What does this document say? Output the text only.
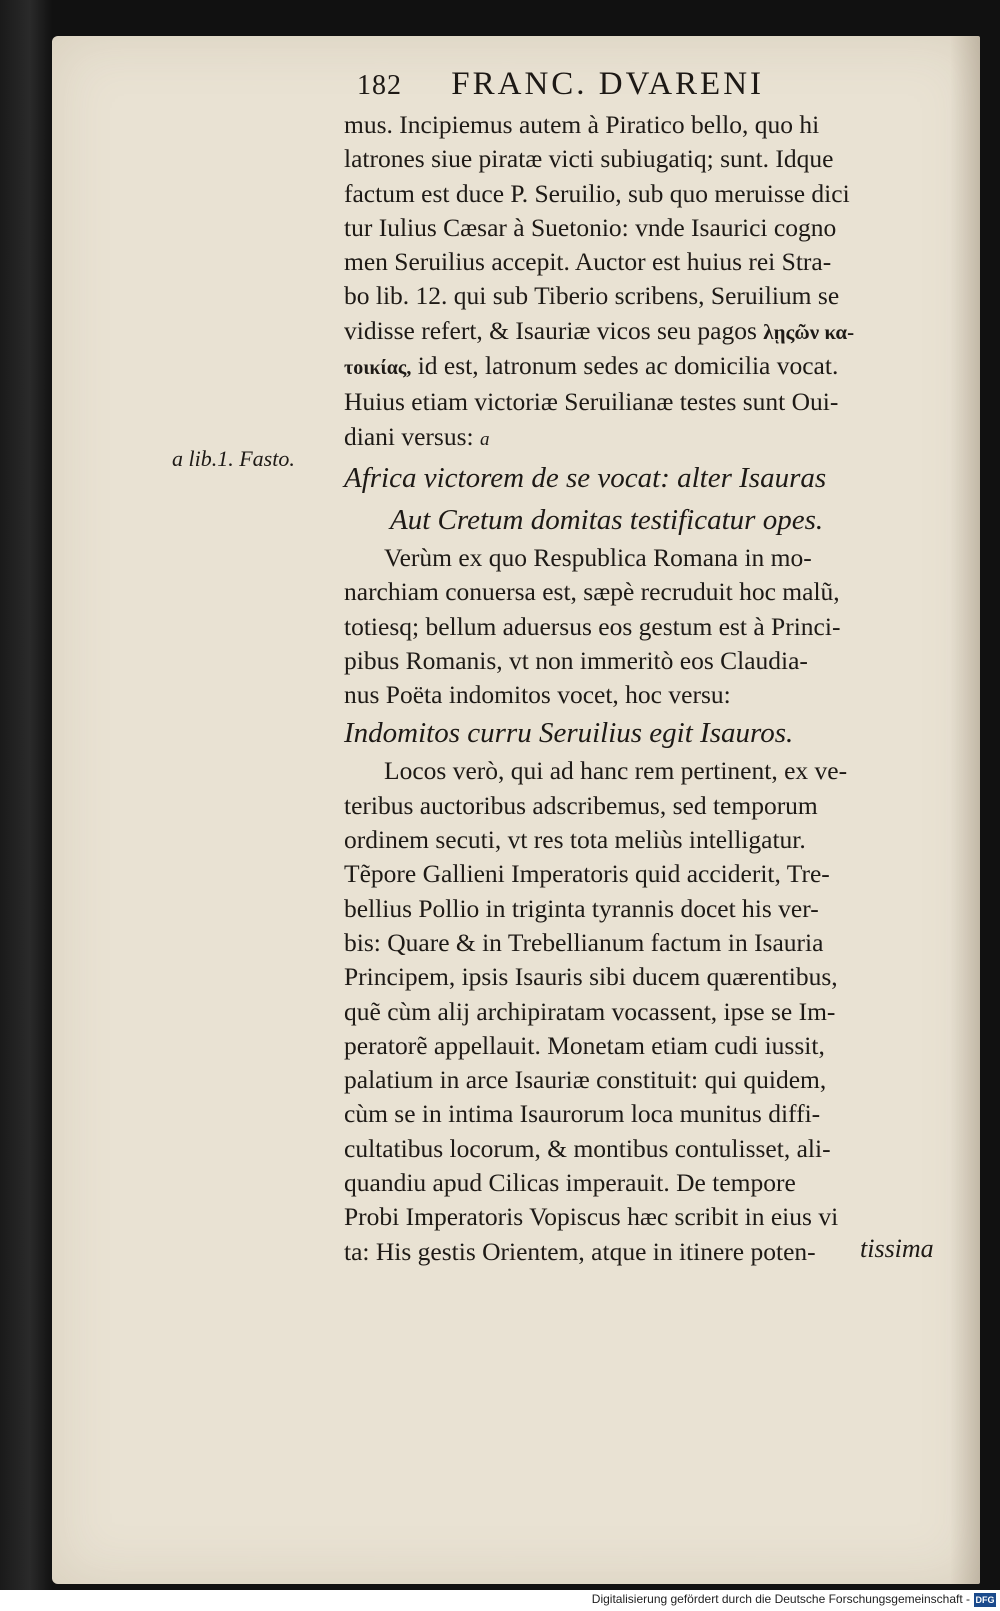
182 FRANC. DVARENI
a lib.1. Fasto.
mus. Incipiemus autem à Piratico bello, quo hi
latrones siue piratæ victi subiugatiq; sunt. Idque
factum est duce P. Seruilio, sub quo meruisse dici
tur Iulius Cæsar à Suetonio: vnde Isaurici cogno
men Seruilius accepit. Auctor est huius rei Stra-
bo lib. 12. qui sub Tiberio scribens, Seruilium se
vidisse refert, & Isauriæ vicos seu pagos λῃςῶν κα-
τοικίας, id est, latronum sedes ac domicilia vocat.
Huius etiam victoriæ Seruilianæ testes sunt Oui-
diani versus: a
Africa victorem de se vocat: alter Isauras
Aut Cretum domitas testificatur opes.
Verùm ex quo Respublica Romana in mo-
narchiam conuersa est, sæpè recruduit hoc malũ,
totiesq; bellum aduersus eos gestum est à Princi-
pibus Romanis, vt non immeritò eos Claudia-
nus Poëta indomitos vocet, hoc versu:
Indomitos curru Seruilius egit Isauros.
Locos verò, qui ad hanc rem pertinent, ex ve-
teribus auctoribus adscribemus, sed temporum
ordinem secuti, vt res tota meliùs intelligatur.
Tẽpore Gallieni Imperatoris quid acciderit, Tre-
bellius Pollio in triginta tyrannis docet his ver-
bis: Quare & in Trebellianum factum in Isauria
Principem, ipsis Isauris sibi ducem quærentibus,
quẽ cùm alij archipiratam vocassent, ipse se Im-
peratorẽ appellauit. Monetam etiam cudi iussit,
palatium in arce Isauriæ constituit: qui quidem,
cùm se in intima Isaurorum loca munitus diffi-
cultatibus locorum, & montibus contulisset, ali-
quandiu apud Cilicas imperauit. De tempore
Probi Imperatoris Vopiscus hæc scribit in eius vi
ta: His gestis Orientem, atque in itinere poten-	tissima
Digitalisierung gefördert durch die Deutsche Forschungsgemeinschaft - DFG
